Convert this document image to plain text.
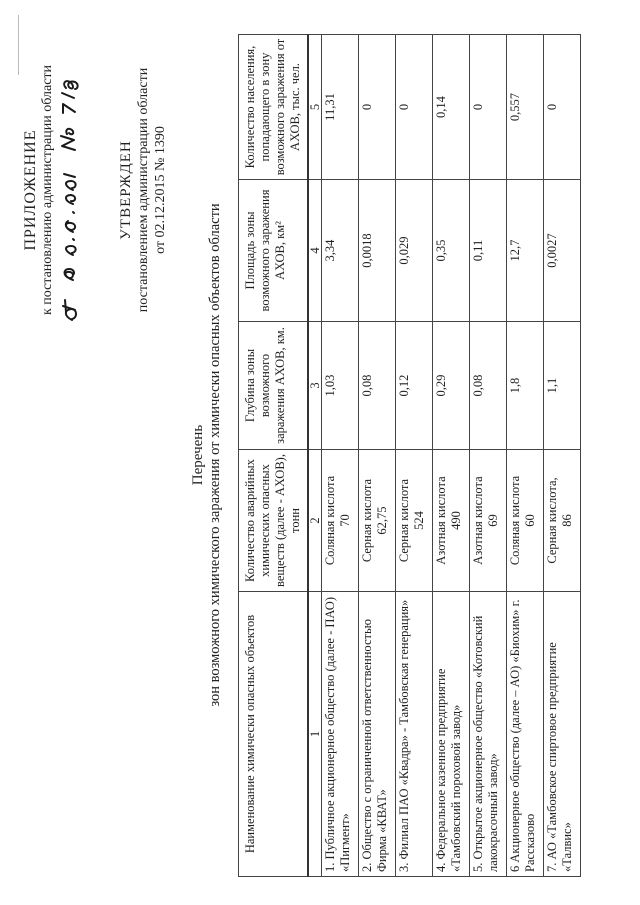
ПРИЛОЖЕНИЕ к постановлению администрации области	УТВЕРЖДЕН постановлением администрации области от 02.12.2015 № 1390
Перечень зон возможного химического заражения от химически опасных объектов области
Наименование химически опасных объектов	Количество аварийных химических опасных веществ (далее - АХОВ), тонн	Глубина зоны возможного заражения АХОВ, км.	Площадь зоны возможного заражения АХОВ, км²	Количество населения, попадающего в зону возможного заражения от АХОВ, тыс. чел.
1	2	3	4	5
1. Публичное акционерное общество (далее - ПАО) «Пигмент»	Соляная кислота 70	1,03	3,34	11,31
2. Общество с ограниченной ответственностью Фирма «КВАТ»	Серная кислота 62,75	0,08	0,0018	0
3. Филиал ПАО «Квадра» - Тамбовская генерация»	Серная кислота 524	0,12	0,029	0
4. Федеральное казенное предприятие «Тамбовский пороховой завод»	Азотная кислота 490	0,29	0,35	0,14
5. Открытое акционерное общество «Котовский лакокрасочный завод»	Азотная кислота 69	0,08	0,11	0
6 Акционерное общество (далее – АО) «Биохим» г. Рассказово	Соляная кислота 60	1,8	12,7	0,557
7. АО «Тамбовское спиртовое предприятие «Талвис»	Серная кислота, 86	1,1	0,0027	0
